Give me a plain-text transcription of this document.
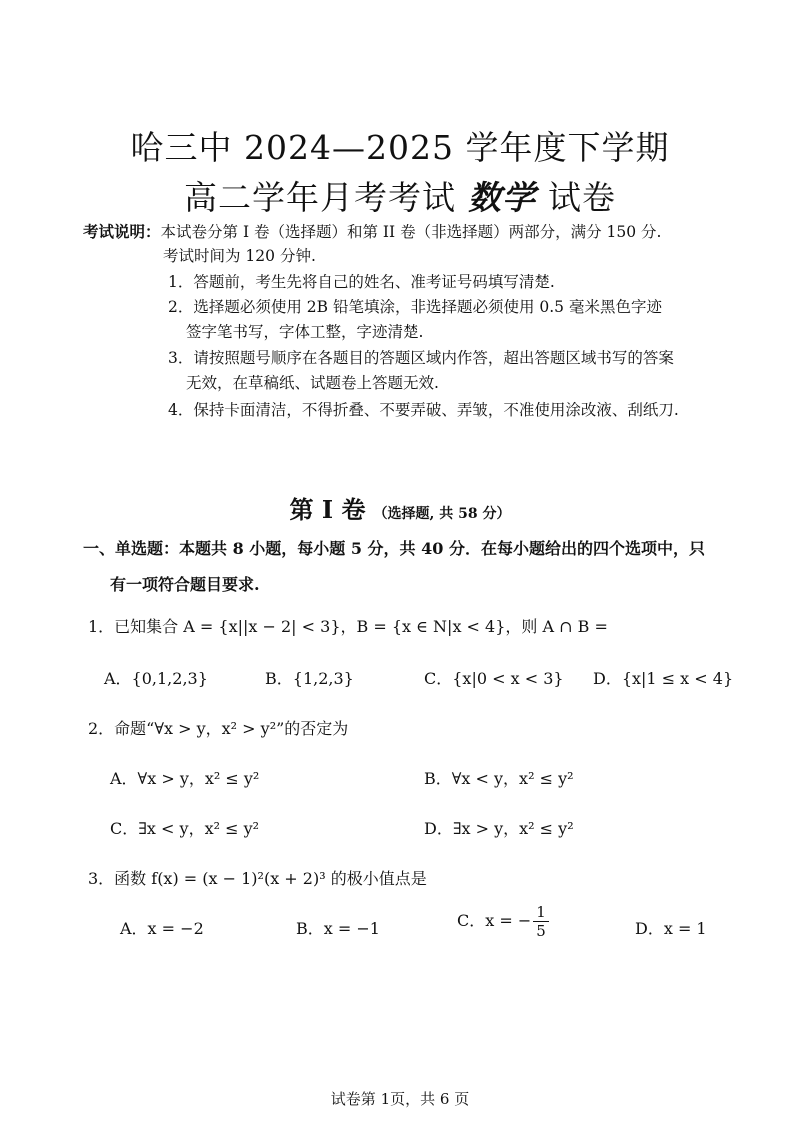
哈三中 2024—2025 学年度下学期
高二学年月考考试 数学 试卷
考试说明：本试卷分第 I 卷（选择题）和第 II 卷（非选择题）两部分，满分 150 分.
考试时间为 120 分钟.
1．答题前，考生先将自己的姓名、准考证号码填写清楚.
2．选择题必须使用 2B 铅笔填涂，非选择题必须使用 0.5 毫米黑色字迹
签字笔书写，字体工整，字迹清楚.
3．请按照题号顺序在各题目的答题区域内作答，超出答题区域书写的答案
无效，在草稿纸、试题卷上答题无效.
4．保持卡面清洁，不得折叠、不要弄破、弄皱，不准使用涂改液、刮纸刀.
第 I 卷 （选择题, 共 58 分）
一、单选题：本题共 8 小题，每小题 5 分，共 40 分．在每小题给出的四个选项中，只
有一项符合题目要求.
1．已知集合 A = {x||x − 2| < 3}，B = {x ∈ N|x < 4}，则 A ∩ B =
A．{0,1,2,3}	B．{1,2,3}	C．{x|0 < x < 3} D．{x|1 ≤ x < 4}
2．命题“∀x > y，x² > y²”的否定为
A．∀x > y，x² ≤ y²	B．∀x < y，x² ≤ y²
C．∃x < y，x² ≤ y²	D．∃x > y，x² ≤ y²
3．函数 f(x) = (x − 1)²(x + 2)³ 的极小值点是
A．x = −2	B．x = −1	C．x = − $\frac{1}{5}$	D．x = 1
试卷第 1页，共 6 页
